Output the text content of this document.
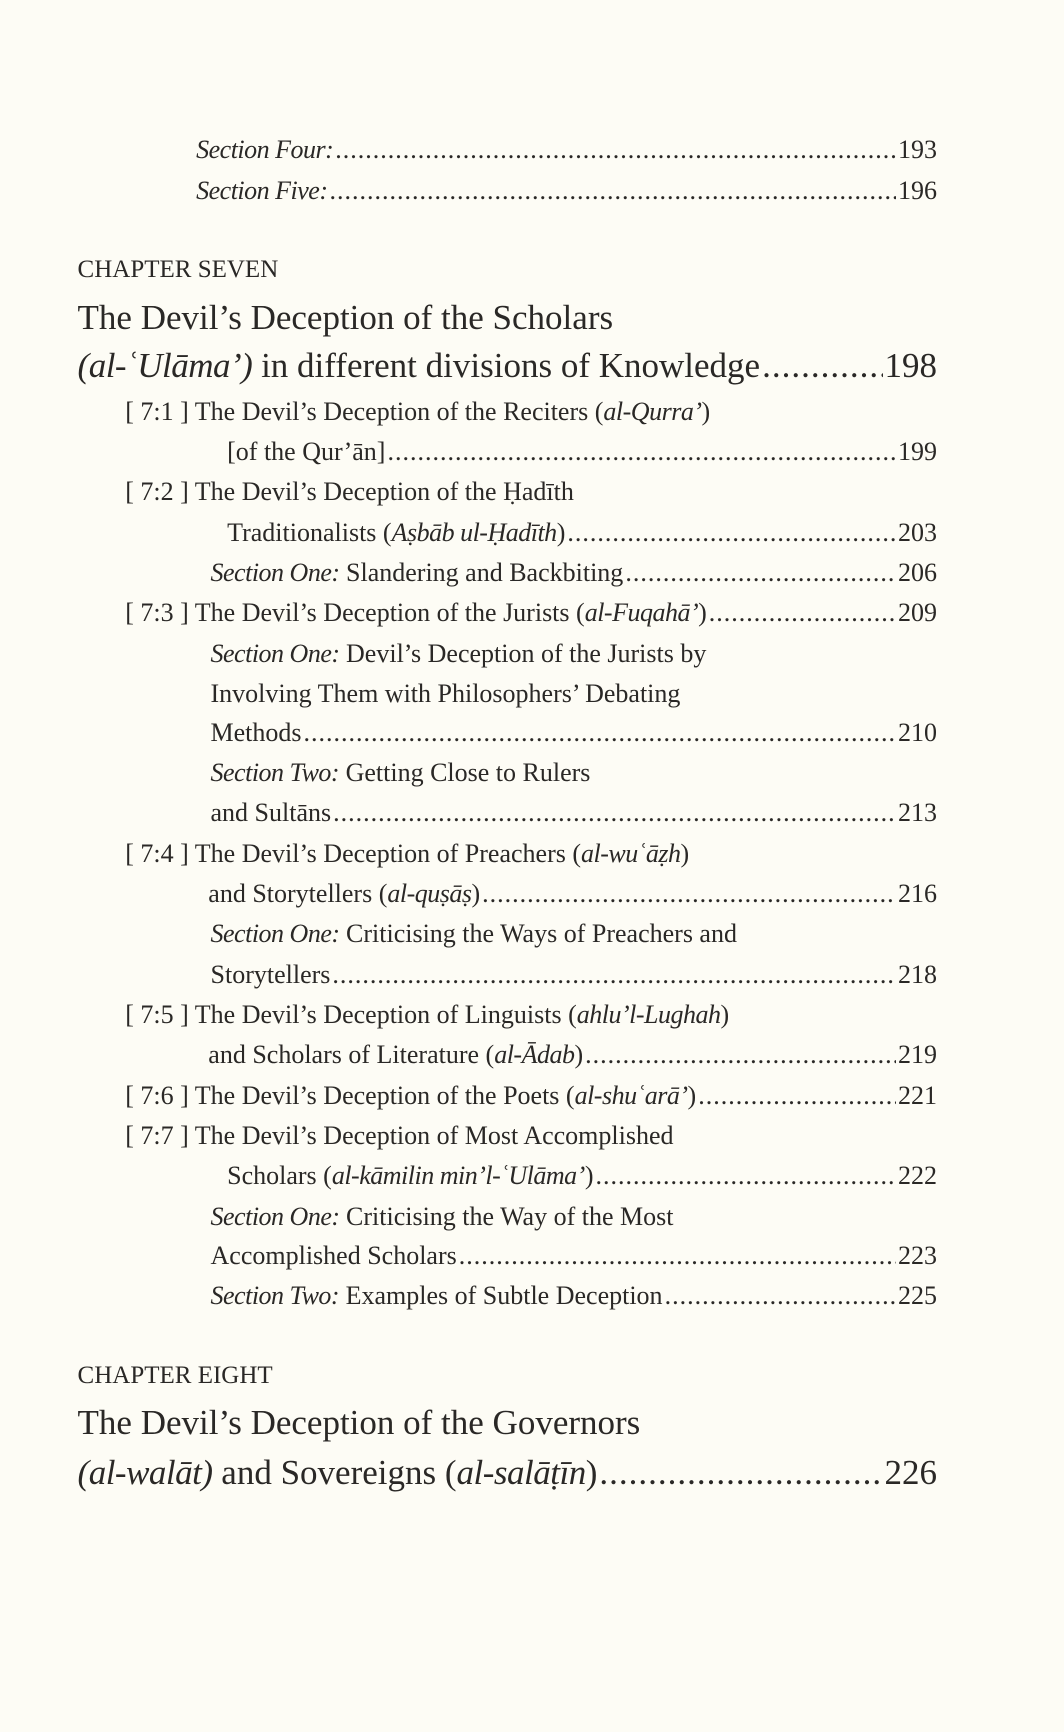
Section Four: .....	193
Section Five: .....	196
CHAPTER SEVEN
The Devil’s Deception of the Scholars
(al-ʿUlāma’) in different divisions of Knowledge .....	198
[ 7:1 ] The Devil’s Deception of the Reciters (al-Qurra’)
[of the Qur’ān] .....	199
[ 7:2 ] The Devil’s Deception of the Ḥadīth
Traditionalists (Aṣbāb ul-Ḥadīth) .....	203
Section One: Slandering and Backbiting .....	206
[ 7:3 ] The Devil’s Deception of the Jurists (al-Fuqahā’) .....	209
Section One: Devil’s Deception of the Jurists by
Involving Them with Philosophers’ Debating
Methods .....	210
Section Two: Getting Close to Rulers
and Sultāns .....	213
[ 7:4 ] The Devil’s Deception of Preachers (al-wuʿāẓh)
and Storytellers (al-quṣāṣ) .....	216
Section One: Criticising the Ways of Preachers and
Storytellers .....	218
[ 7:5 ] The Devil’s Deception of Linguists (ahlu’l-Lughah)
and Scholars of Literature (al-Ādab) .....	219
[ 7:6 ] The Devil’s Deception of the Poets (al-shuʿarā’) .....	221
[ 7:7 ] The Devil’s Deception of Most Accomplished
Scholars (al-kāmilin min’l-ʿUlāma’) .....	222
Section One: Criticising the Way of the Most
Accomplished Scholars .....	223
Section Two: Examples of Subtle Deception .....	225
CHAPTER EIGHT
The Devil’s Deception of the Governors
(al-walāt) and Sovereigns (al-salāṭīn) .....	226
